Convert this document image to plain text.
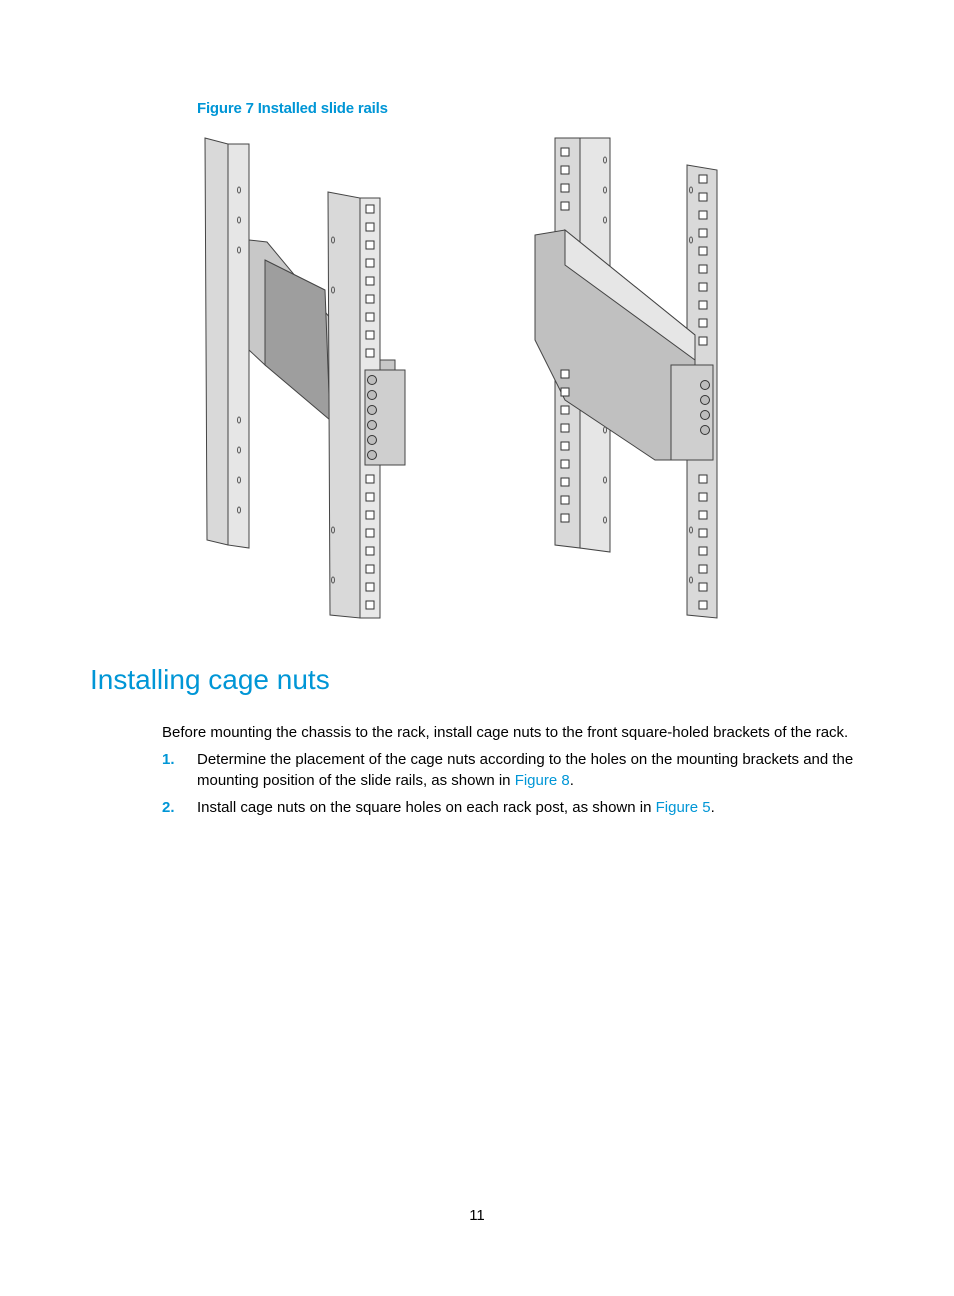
Figure 7 Installed slide rails
Installing cage nuts

Before mounting the chassis to the rack, install cage nuts to the front square-holed brackets of the rack.

1. Determine the placement of the cage nuts according to the holes on the mounting brackets and the mounting position of the slide rails, as shown in Figure 8.
2. Install cage nuts on the square holes on each rack post, as shown in Figure 5.
11
